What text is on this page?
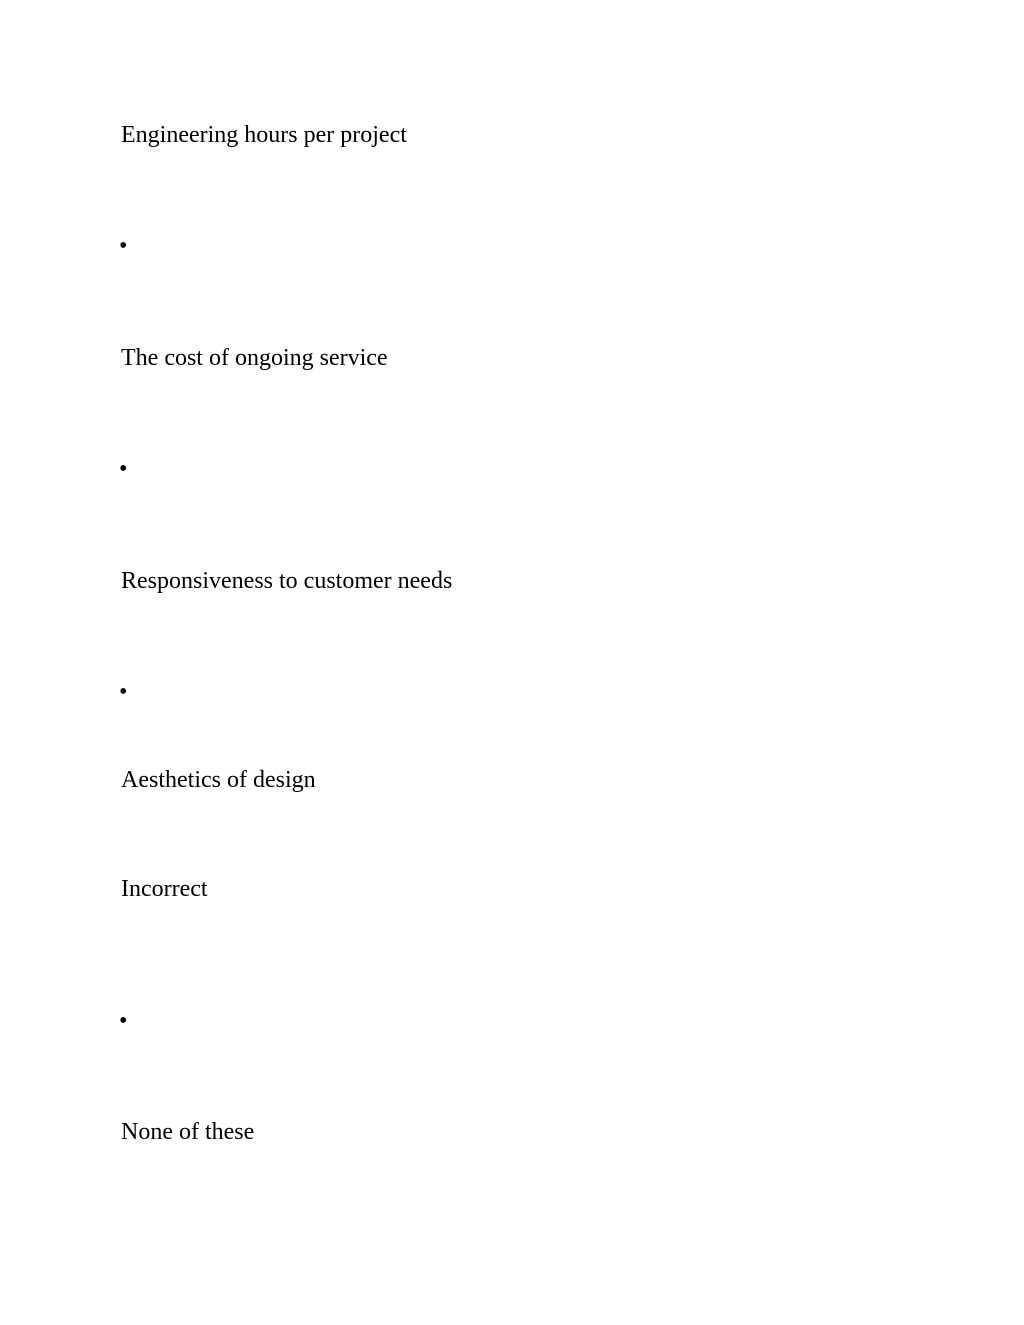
Engineering hours per project
•
The cost of ongoing service
•
Responsiveness to customer needs
•
Aesthetics of design
Incorrect
•
None of these
